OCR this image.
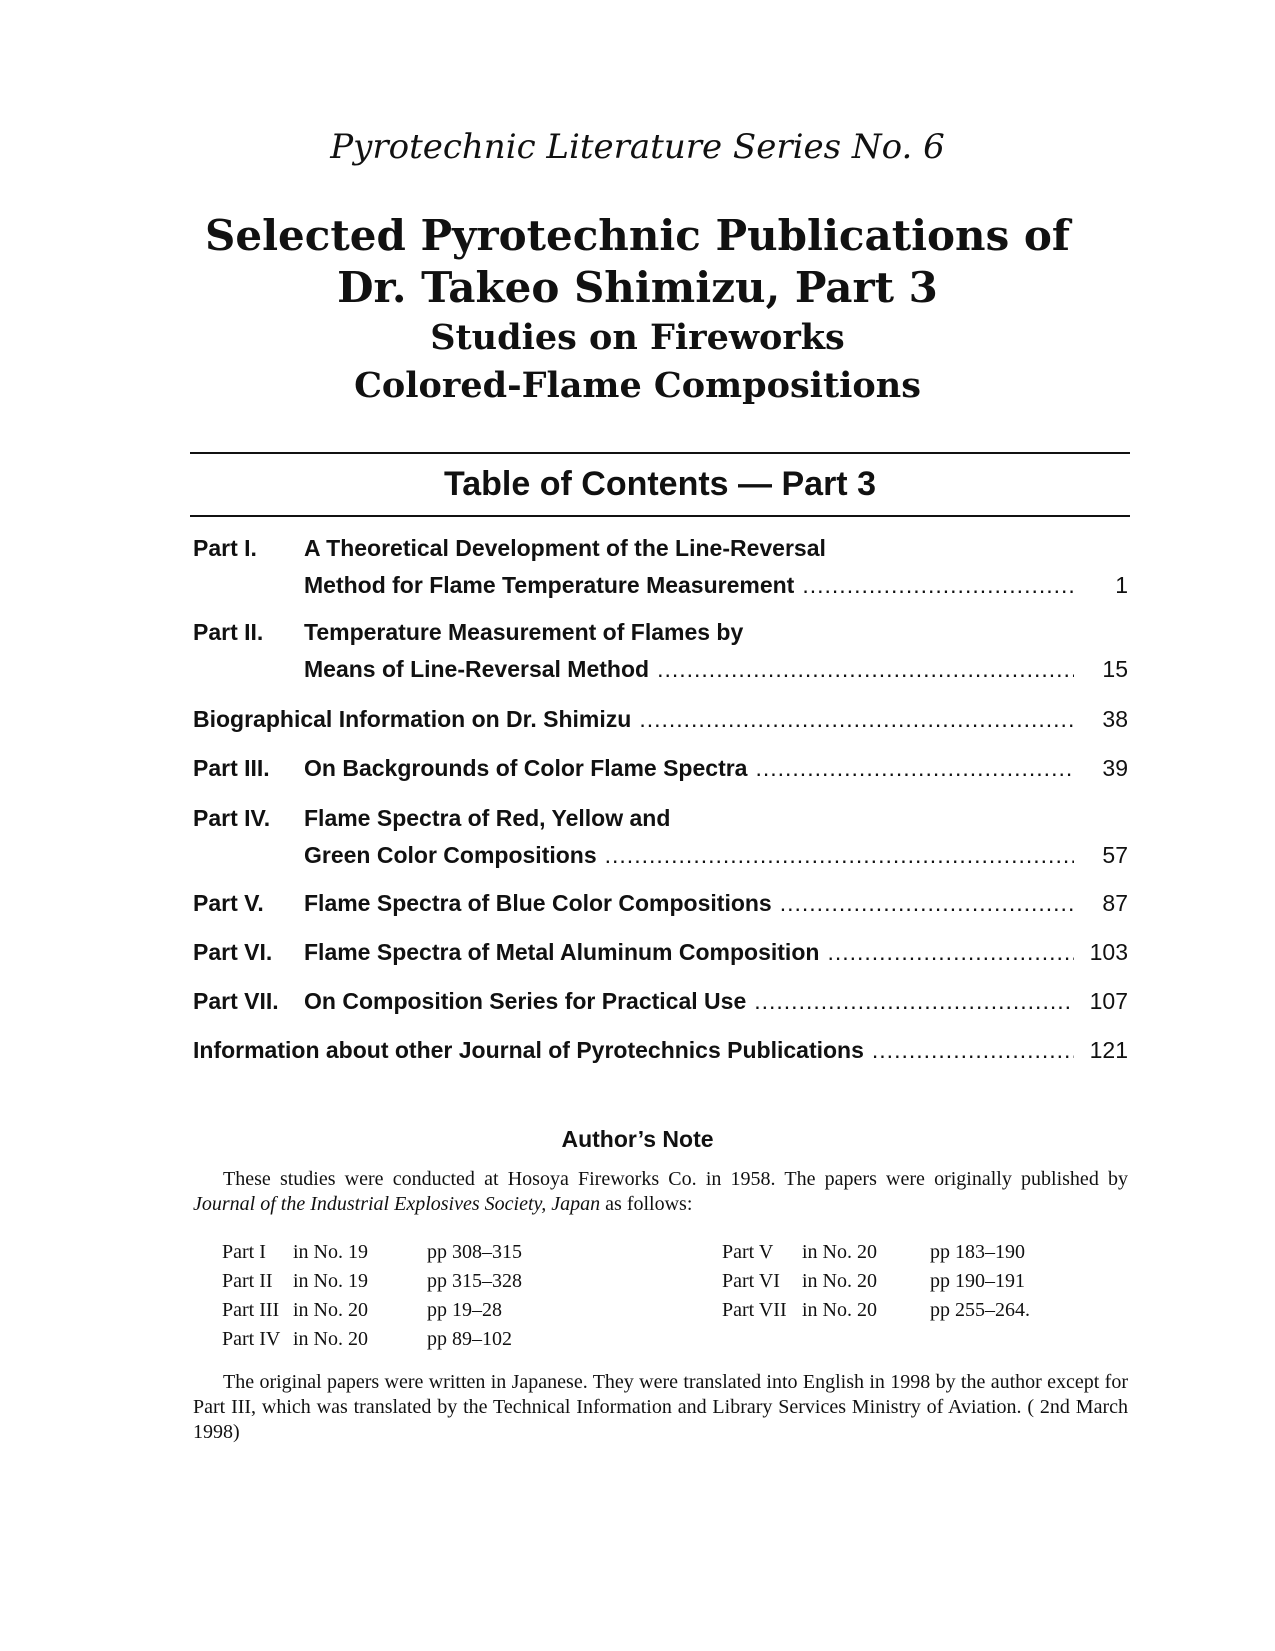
Pyrotechnic Literature Series No. 6
Selected Pyrotechnic Publications of
Dr. Takeo Shimizu, Part 3
Studies on Fireworks
Colored-Flame Compositions
Table of Contents — Part 3
Part I. A Theoretical Development of the Line-Reversal
Method for Flame Temperature Measurement .....	1
Part II. Temperature Measurement of Flames by
Means of Line-Reversal Method .....	15
Biographical Information on Dr. Shimizu .....	38
Part III. On Backgrounds of Color Flame Spectra .....	39
Part IV. Flame Spectra of Red, Yellow and
Green Color Compositions .....	57
Part V. Flame Spectra of Blue Color Compositions .....	87
Part VI. Flame Spectra of Metal Aluminum Composition .....	103
Part VII. On Composition Series for Practical Use .....	107
Information about other Journal of Pyrotechnics Publications .....	121
Author’s Note
These studies were conducted at Hosoya Fireworks Co. in 1958. The papers were originally published by Journal of the Industrial Explosives Society, Japan as follows:
Part I in No. 19	pp 308–315
Part II in No. 19	pp 315–328
Part III in No. 20	pp 19–28
Part IV in No. 20	pp 89–102
Part V in No. 20	pp 183–190
Part VI in No. 20	pp 190–191
Part VII in No. 20	pp 255–264.
The original papers were written in Japanese. They were translated into English in 1998 by the author except for Part III, which was translated by the Technical Information and Library Services Ministry of Aviation. ( 2nd March 1998)
